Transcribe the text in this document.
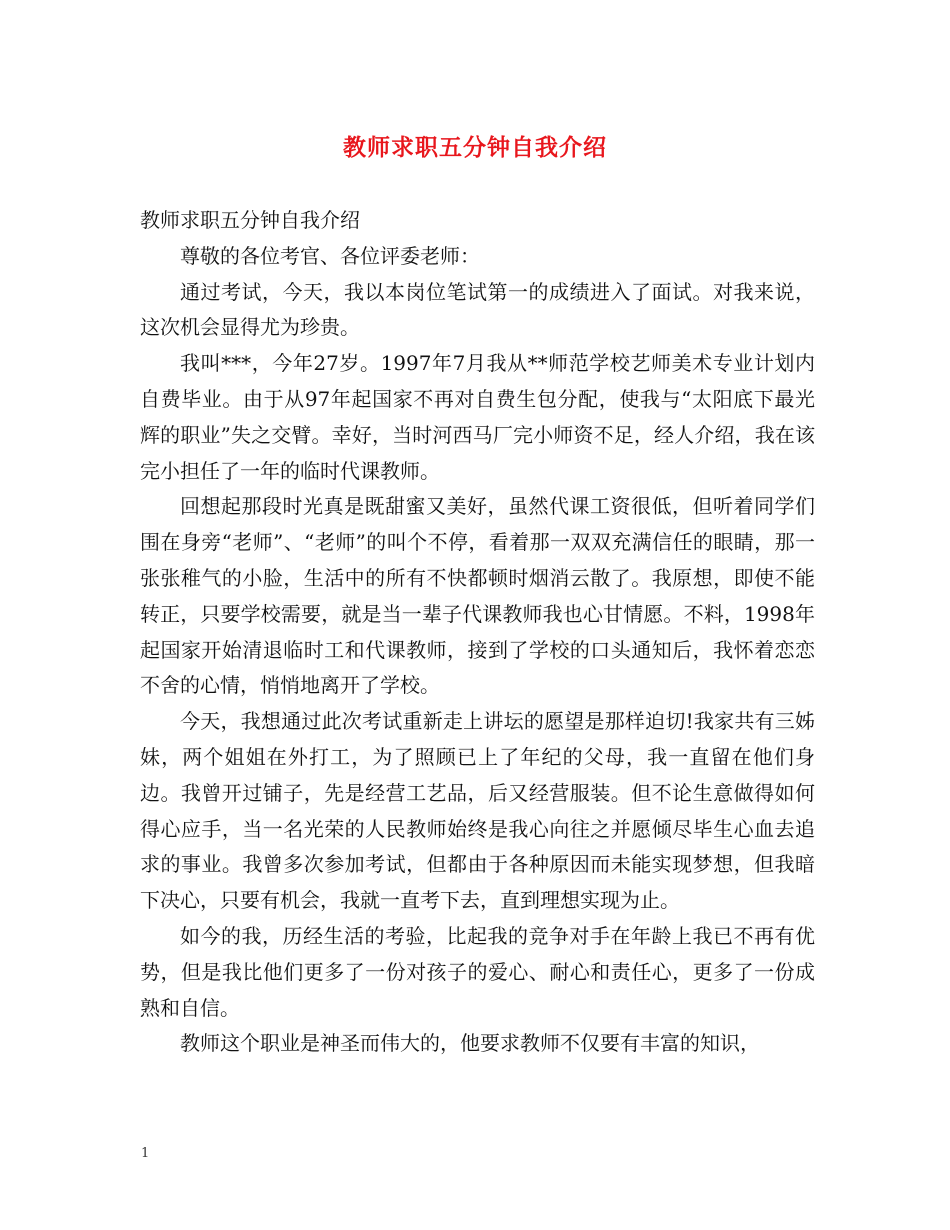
教师求职五分钟自我介绍

教师求职五分钟自我介绍

尊敬的各位考官、各位评委老师：

通过考试，今天，我以本岗位笔试第一的成绩进入了面试。对我来说，这次机会显得尤为珍贵。

我叫***，今年27岁。1997年7月我从**师范学校艺师美术专业计划内自费毕业。由于从97年起国家不再对自费生包分配，使我与“太阳底下最光辉的职业”失之交臂。幸好，当时河西马厂完小师资不足，经人介绍，我在该完小担任了一年的临时代课教师。

回想起那段时光真是既甜蜜又美好，虽然代课工资很低，但听着同学们围在身旁“老师”、“老师”的叫个不停，看着那一双双充满信任的眼睛，那一张张稚气的小脸，生活中的所有不快都顿时烟消云散了。我原想，即使不能转正，只要学校需要，就是当一辈子代课教师我也心甘情愿。不料，1998年起国家开始清退临时工和代课教师，接到了学校的口头通知后，我怀着恋恋不舍的心情，悄悄地离开了学校。

今天，我想通过此次考试重新走上讲坛的愿望是那样迫切!我家共有三姊妹，两个姐姐在外打工，为了照顾已上了年纪的父母，我一直留在他们身边。我曾开过铺子，先是经营工艺品，后又经营服装。但不论生意做得如何得心应手，当一名光荣的人民教师始终是我心向往之并愿倾尽毕生心血去追求的事业。我曾多次参加考试，但都由于各种原因而未能实现梦想，但我暗下决心，只要有机会，我就一直考下去，直到理想实现为止。

如今的我，历经生活的考验，比起我的竞争对手在年龄上我已不再有优势，但是我比他们更多了一份对孩子的爱心、耐心和责任心，更多了一份成熟和自信。

教师这个职业是神圣而伟大的，他要求教师不仅要有丰富的知识，

1
